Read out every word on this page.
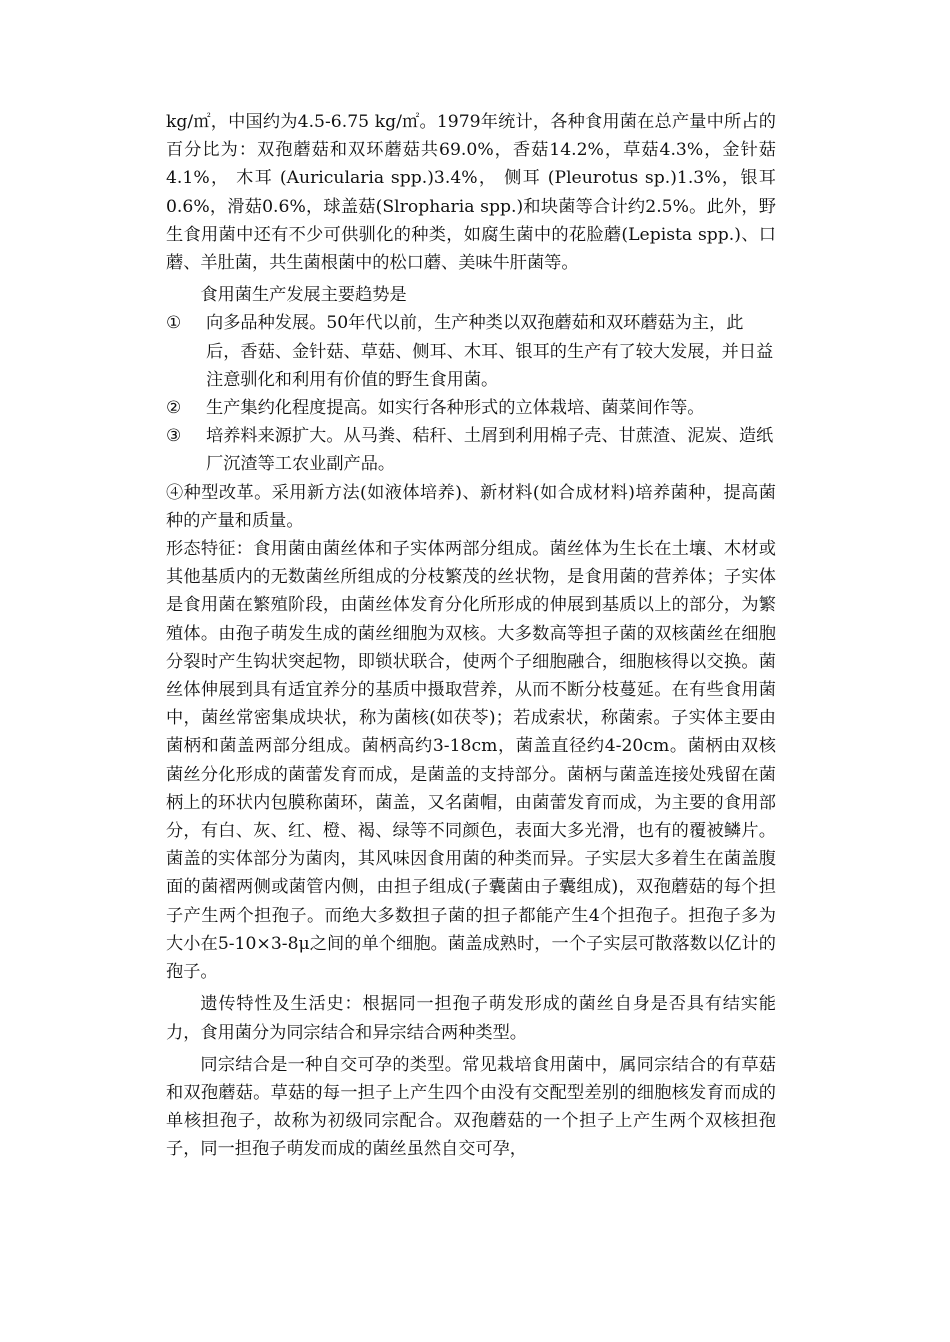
kg/㎡，中国约为4.5-6.75 kg/㎡。1979年统计，各种食用菌在总产量中所占的百分比为：双孢蘑菇和双环蘑菇共69.0%，香菇14.2%，草菇4.3%，金针菇 4.1%， 木耳 (Auricularia spp.)3.4%， 侧耳 (Pleurotus sp.)1.3%，银耳0.6%，滑菇0.6%，球盖菇(Slropharia spp.)和块菌等合计约2.5%。此外，野生食用菌中还有不少可供驯化的种类，如腐生菌中的花脸蘑(Lepista spp.)、口蘑、羊肚菌，共生菌根菌中的松口蘑、美味牛肝菌等。

食用菌生产发展主要趋势是

①	向多品种发展。50年代以前，生产种类以双孢蘑茹和双环蘑菇为主，此后，香菇、金针菇、草菇、侧耳、木耳、银耳的生产有了较大发展，并日益注意驯化和利用有价值的野生食用菌。
②	生产集约化程度提高。如实行各种形式的立体栽培、菌菜间作等。
③	培养料来源扩大。从马粪、秸秆、土屑到利用棉子壳、甘蔗渣、泥炭、造纸厂沉渣等工农业副产品。

④种型改革。采用新方法(如液体培养)、新材料(如合成材料)培养菌种，提高菌种的产量和质量。

形态特征：食用菌由菌丝体和子实体两部分组成。菌丝体为生长在土壤、木材或其他基质内的无数菌丝所组成的分枝繁茂的丝状物，是食用菌的营养体；子实体是食用菌在繁殖阶段，由菌丝体发育分化所形成的伸展到基质以上的部分，为繁殖体。由孢子萌发生成的菌丝细胞为双核。大多数高等担子菌的双核菌丝在细胞分裂时产生钩状突起物，即锁状联合，使两个子细胞融合，细胞核得以交换。菌丝体伸展到具有适宜养分的基质中摄取营养，从而不断分枝蔓延。在有些食用菌中，菌丝常密集成块状，称为菌核(如茯苓)；若成索状，称菌索。子实体主要由菌柄和菌盖两部分组成。菌柄高约3-18cm，菌盖直径约4-20cm。菌柄由双核菌丝分化形成的菌蕾发育而成，是菌盖的支持部分。菌柄与菌盖连接处残留在菌柄上的环状内包膜称菌环，菌盖，又名菌帽，由菌蕾发育而成，为主要的食用部分，有白、灰、红、橙、褐、绿等不同颜色，表面大多光滑，也有的覆被鳞片。菌盖的实体部分为菌肉，其风味因食用菌的种类而异。子实层大多着生在菌盖腹面的菌褶两侧或菌管内侧，由担子组成(子囊菌由子囊组成)，双孢蘑菇的每个担子产生两个担孢子。而绝大多数担子菌的担子都能产生4个担孢子。担孢子多为大小在5-10×3-8μ之间的单个细胞。菌盖成熟时，一个子实层可散落数以亿计的孢子。

遗传特性及生活史：根据同一担孢子萌发形成的菌丝自身是否具有结实能力，食用菌分为同宗结合和异宗结合两种类型。

同宗结合是一种自交可孕的类型。常见栽培食用菌中，属同宗结合的有草菇和双孢蘑菇。草菇的每一担子上产生四个由没有交配型差别的细胞核发育而成的单核担孢子，故称为初级同宗配合。双孢蘑菇的一个担子上产生两个双核担孢子，同一担孢子萌发而成的菌丝虽然自交可孕，
